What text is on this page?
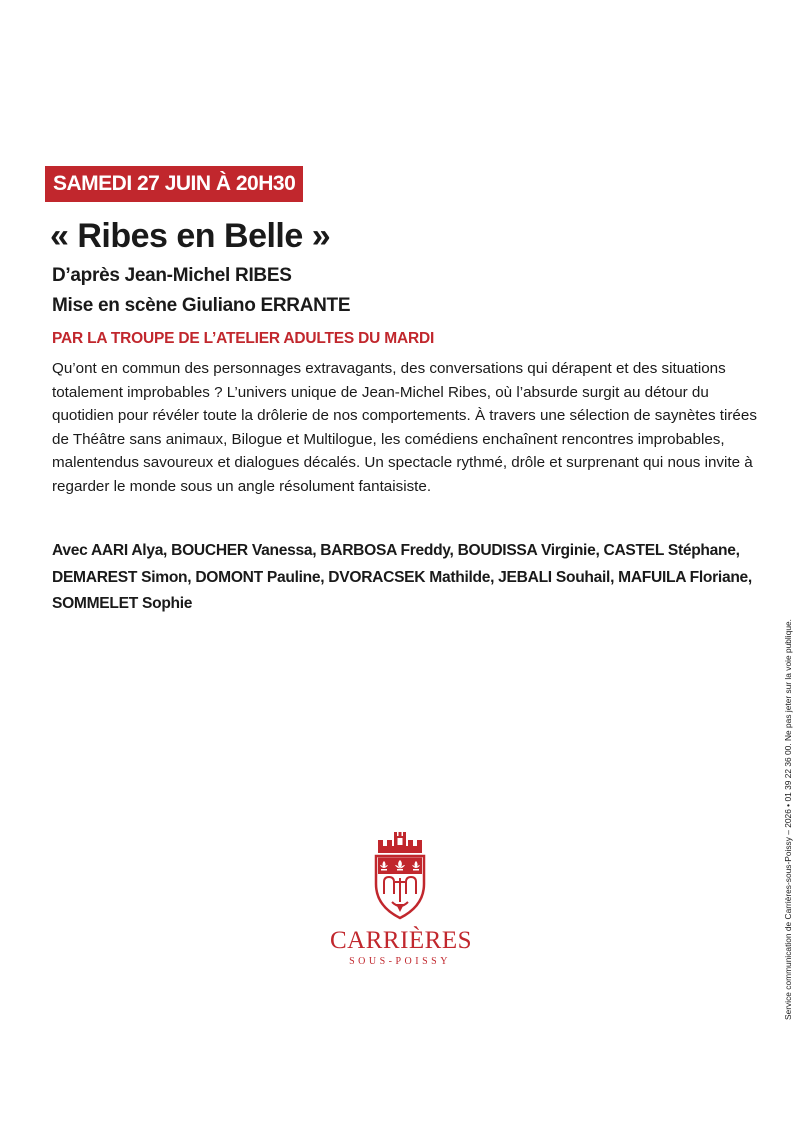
SAMEDI 27 JUIN À 20H30
« Ribes en Belle »
D’après Jean-Michel RIBES
Mise en scène Giuliano ERRANTE
PAR LA TROUPE DE L’ATELIER ADULTES DU MARDI

Qu’ont en commun des personnages extravagants, des conversations qui dérapent et des situations totalement improbables ? L’univers unique de Jean-Michel Ribes, où l’absurde surgit au détour du quotidien pour révéler toute la drôlerie de nos comportements. À travers une sélection de saynètes tirées de Théâtre sans animaux, Bilogue et Multilogue, les comédiens enchaînent rencontres improbables, malentendus savoureux et dialogues décalés. Un spectacle rythmé, drôle et surprenant qui nous invite à regarder le monde sous un angle résolument fantaisiste.

Avec AARI Alya, BOUCHER Vanessa, BARBOSA Freddy, BOUDISSA Virginie, CASTEL Stéphane, DEMAREST Simon, DOMONT Pauline, DVORACSEK Mathilde, JEBALI Souhail, MAFUILA Floriane, SOMMELET Sophie

CARRIÈRES
SOUS-POISSY	Service communication de Carrières-sous-Poissy – 2026 • 01 39 22 36 00. Ne pas jeter sur la voie publique.
